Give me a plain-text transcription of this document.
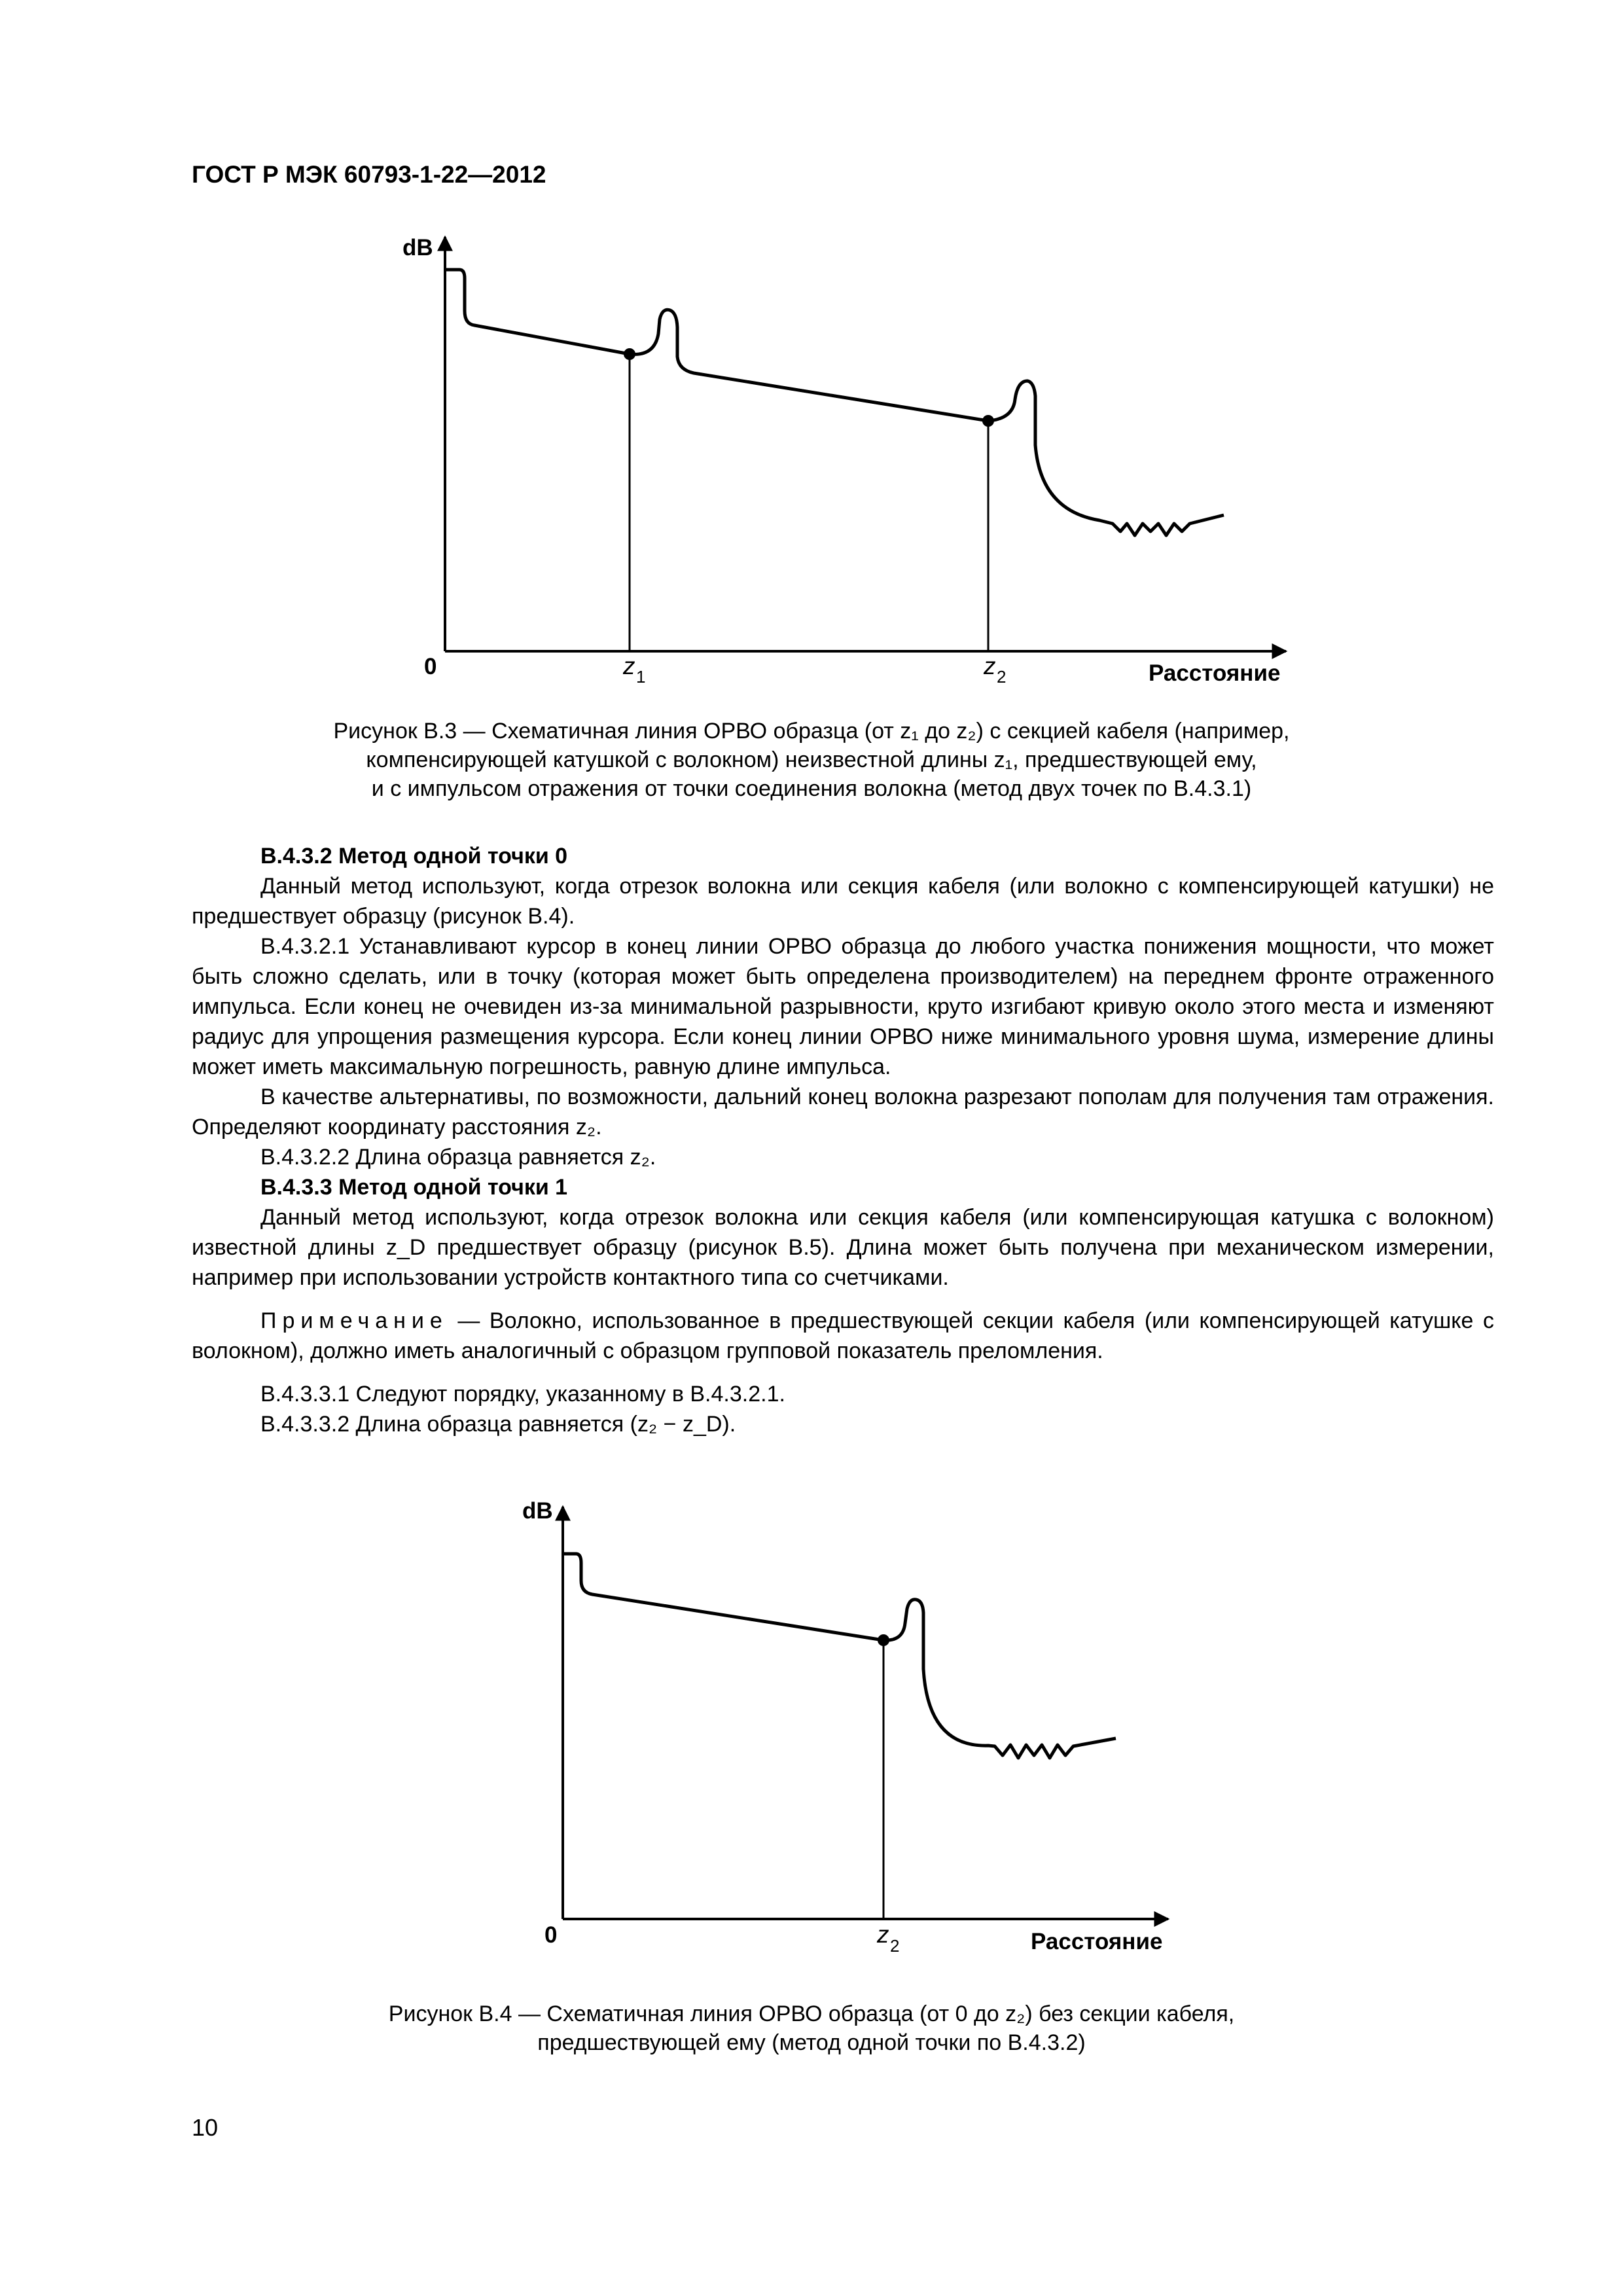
ГОСТ Р МЭК 60793-1-22—2012
dB
0	z 1	z 2	Расстояние
Рисунок В.3 — Схематичная линия ОРВО образца (от z₁ до z₂) с секцией кабеля (например,
компенсирующей катушкой с волокном) неизвестной длины z₁, предшествующей ему,
и с импульсом отражения от точки соединения волокна (метод двух точек по В.4.3.1)
В.4.3.2 Метод одной точки 0

Данный метод используют, когда отрезок волокна или секция кабеля (или волокно с компенсирующей катушки) не предшествует образцу (рисунок В.4).

В.4.3.2.1 Устанавливают курсор в конец линии ОРВО образца до любого участка понижения мощности, что может быть сложно сделать, или в точку (которая может быть определена производителем) на переднем фронте отраженного импульса. Если конец не очевиден из-за минимальной разрывности, круто изгибают кривую около этого места и изменяют радиус для упрощения размещения курсора. Если конец линии ОРВО ниже минимального уровня шума, измерение длины может иметь максимальную погрешность, равную длине импульса.

В качестве альтернативы, по возможности, дальний конец волокна разрезают пополам для получения там отражения. Определяют координату расстояния z₂.

В.4.3.2.2 Длина образца равняется z₂.

В.4.3.3 Метод одной точки 1

Данный метод используют, когда отрезок волокна или секция кабеля (или компенсирующая катушка с волокном) известной длины z_D предшествует образцу (рисунок В.5). Длина может быть получена при механическом измерении, например при использовании устройств контактного типа со счетчиками.

Примечание — Волокно, использованное в предшествующей секции кабеля (или компенсирующей катушке с волокном), должно иметь аналогичный с образцом групповой показатель преломления.

В.4.3.3.1 Следуют порядку, указанному в В.4.3.2.1.

В.4.3.3.2 Длина образца равняется (z₂ − z_D).

dB
0	z 2	Расстояние
Рисунок В.4 — Схематичная линия ОРВО образца (от 0 до z₂) без секции кабеля,
предшествующей ему (метод одной точки по В.4.3.2)
10
